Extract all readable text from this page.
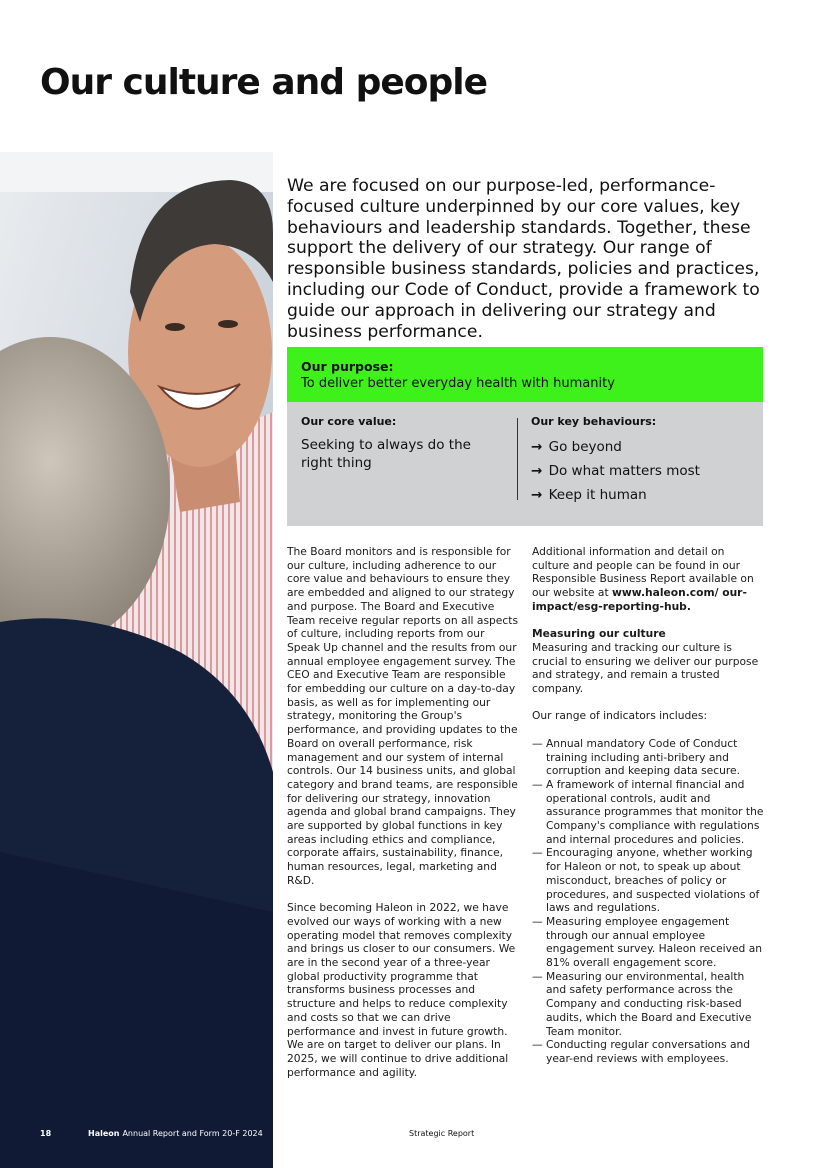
Our culture and people

We are focused on our purpose-led, performance-focused culture underpinned by our core values, key behaviours and leadership standards. Together, these support the delivery of our strategy. Our range of responsible business standards, policies and practices, including our Code of Conduct, provide a framework to guide our approach in delivering our strategy and business performance.

Our purpose:
To deliver better everyday health with humanity
Our core value:
Seeking to always do the right thing
Our key behaviours:
→ Go beyond
→ Do what matters most
→ Keep it human

The Board monitors and is responsible for our culture, including adherence to our core value and behaviours to ensure they are embedded and aligned to our strategy and purpose. The Board and Executive Team receive regular reports on all aspects of culture, including reports from our Speak Up channel and the results from our annual employee engagement survey. The CEO and Executive Team are responsible for embedding our culture on a day-to-day basis, as well as for implementing our strategy, monitoring the Group's performance, and providing updates to the Board on overall performance, risk management and our system of internal controls. Our 14 business units, and global category and brand teams, are responsible for delivering our strategy, innovation agenda and global brand campaigns. They are supported by global functions in key areas including ethics and compliance, corporate affairs, sustainability, finance, human resources, legal, marketing and R&D.

Since becoming Haleon in 2022, we have evolved our ways of working with a new operating model that removes complexity and brings us closer to our consumers. We are in the second year of a three-year global productivity programme that transforms business processes and structure and helps to reduce complexity and costs so that we can drive performance and invest in future growth. We are on target to deliver our plans. In 2025, we will continue to drive additional performance and agility.

Additional information and detail on culture and people can be found in our Responsible Business Report available on our website at www.haleon.com/ our-impact/esg-reporting-hub.

Measuring our culture
Measuring and tracking our culture is crucial to ensuring we deliver our purpose and strategy, and remain a trusted company.

Our range of indicators includes:

— Annual mandatory Code of Conduct training including anti-bribery and corruption and keeping data secure.
— A framework of internal financial and operational controls, audit and assurance programmes that monitor the Company's compliance with regulations and internal procedures and policies.
— Encouraging anyone, whether working for Haleon or not, to speak up about misconduct, breaches of policy or procedures, and suspected violations of laws and regulations.
— Measuring employee engagement through our annual employee engagement survey. Haleon received an 81% overall engagement score.
— Measuring our environmental, health and safety performance across the Company and conducting risk-based audits, which the Board and Executive Team monitor.
— Conducting regular conversations and year-end reviews with employees.
18	Haleon Annual Report and Form 20-F 2024	Strategic Report
